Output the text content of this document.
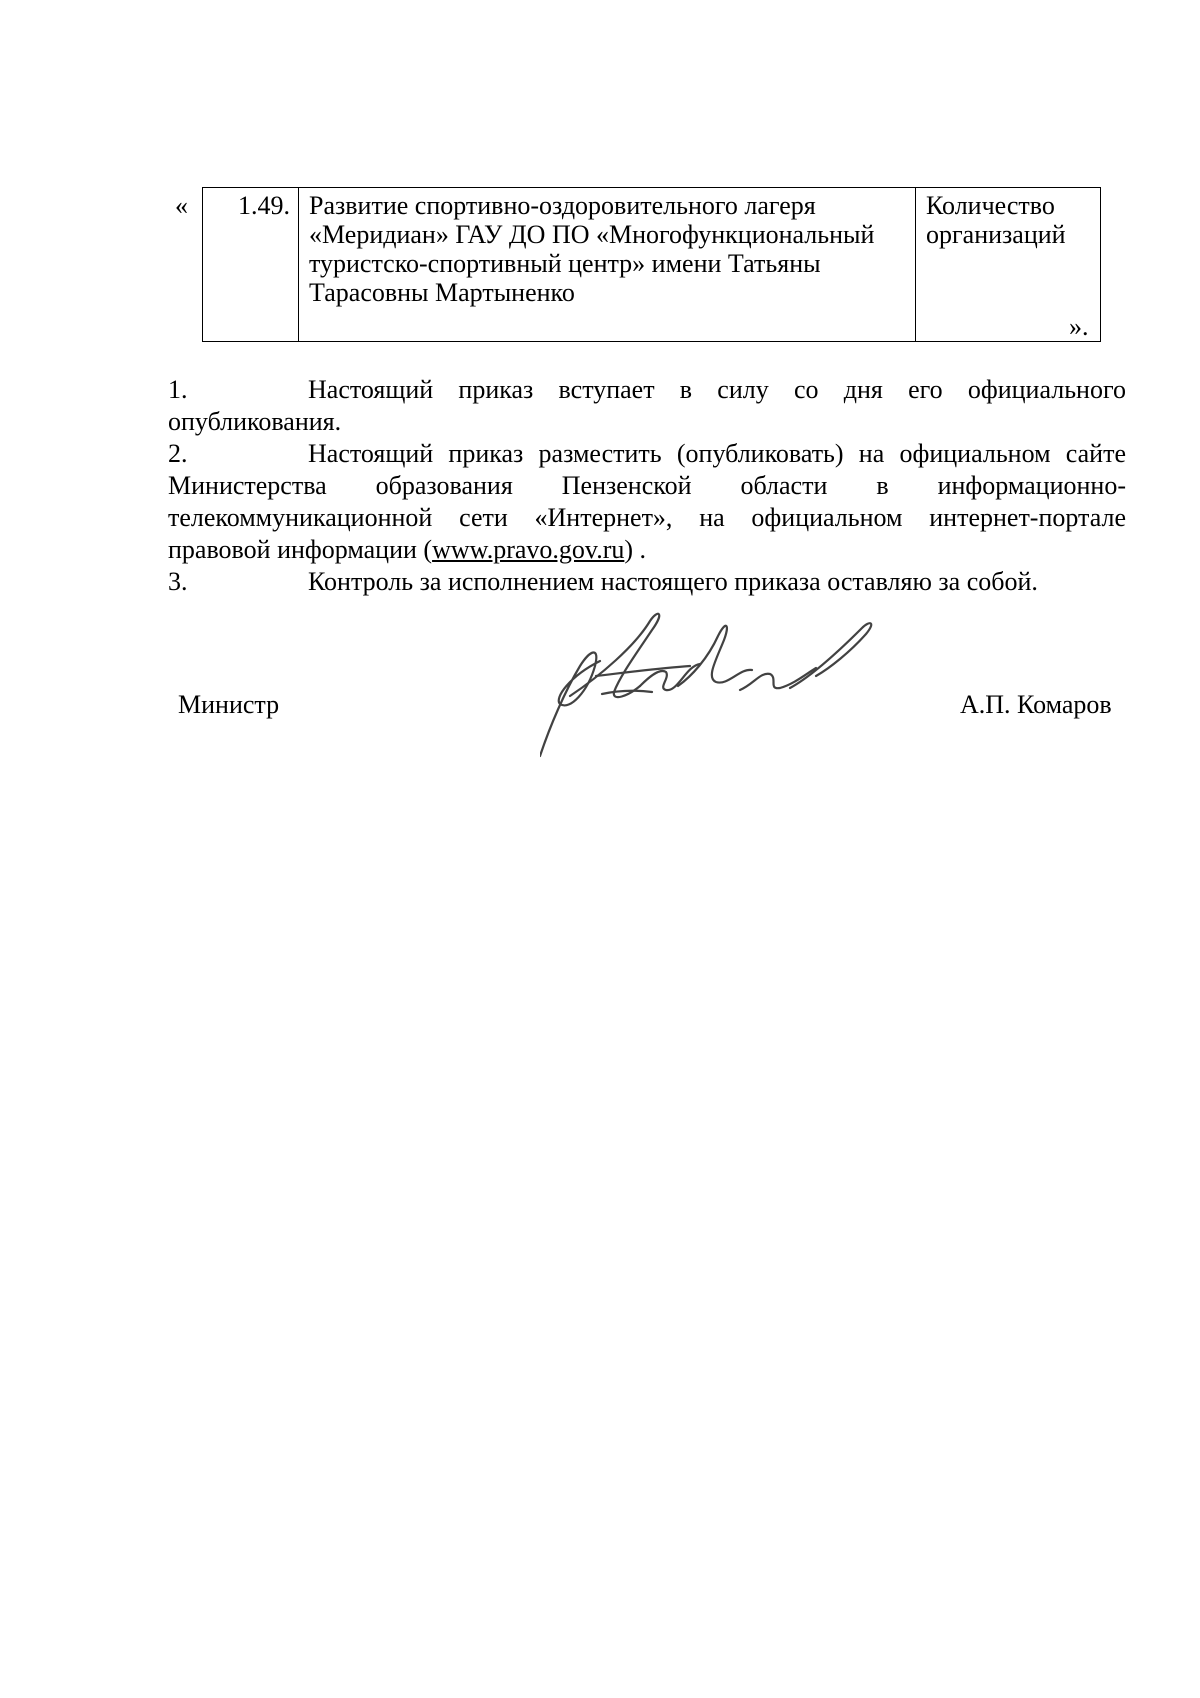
« 1.49.	Развитие спортивно-оздоровительного лагеря «Меридиан» ГАУ ДО ПО «Многофункциональный туристско-спортивный центр» имени Татьяны Тарасовны Мартыненко	Количество организаций
».
1.	Настоящий приказ вступает в силу со дня его официального опубликования.
2.	Настоящий приказ разместить (опубликовать) на официальном сайте Министерства образования Пензенской области в информационно-телекоммуникационной сети «Интернет», на официальном интернет-портале правовой информации (www.pravo.gov.ru) .
3.	Контроль за исполнением настоящего приказа оставляю за собой.
Министр	А.П. Комаров
